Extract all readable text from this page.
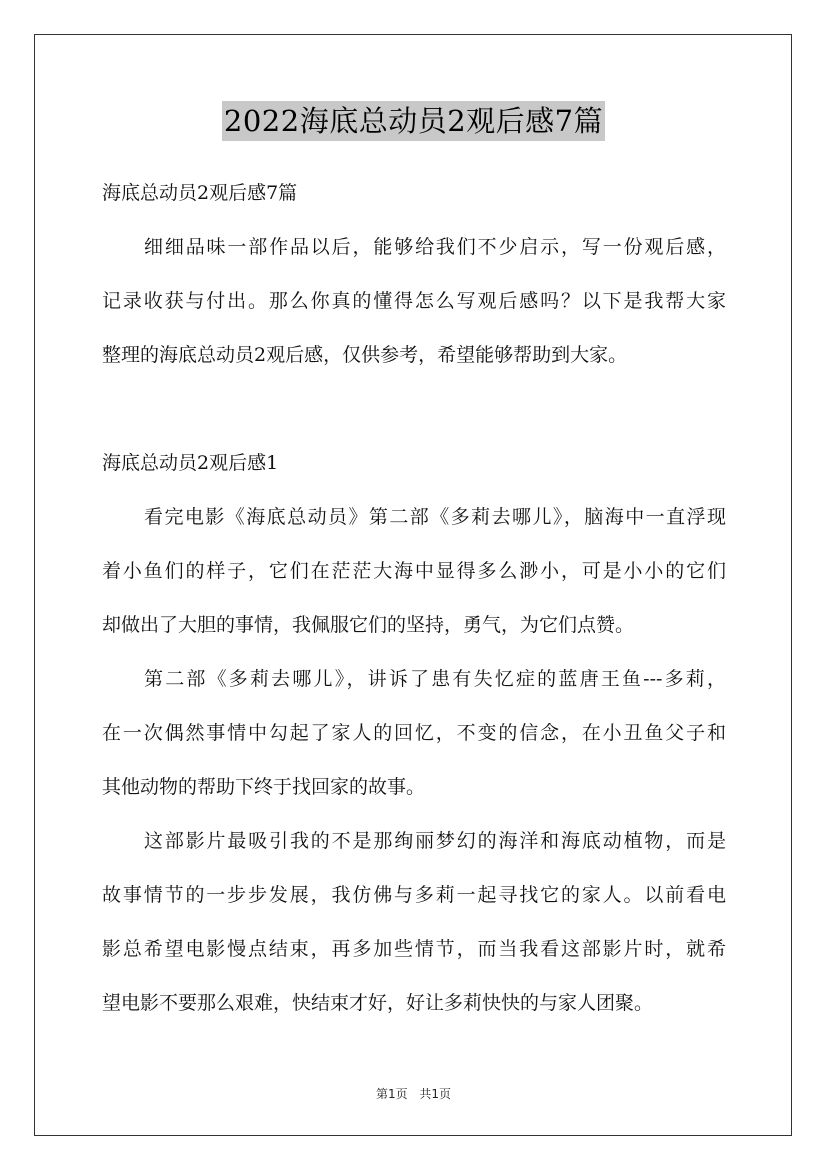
2022海底总动员2观后感7篇
海底总动员2观后感7篇
细细品味一部作品以后，能够给我们不少启示，写一份观后感，
记录收获与付出。那么你真的懂得怎么写观后感吗？以下是我帮大家
整理的海底总动员2观后感，仅供参考，希望能够帮助到大家。
海底总动员2观后感1
看完电影《海底总动员》第二部《多莉去哪儿》，脑海中一直浮现
着小鱼们的样子，它们在茫茫大海中显得多么渺小，可是小小的它们
却做出了大胆的事情，我佩服它们的坚持，勇气，为它们点赞。
第二部《多莉去哪儿》，讲诉了患有失忆症的蓝唐王鱼---多莉，
在一次偶然事情中勾起了家人的回忆，不变的信念，在小丑鱼父子和
其他动物的帮助下终于找回家的故事。
这部影片最吸引我的不是那绚丽梦幻的海洋和海底动植物，而是
故事情节的一步步发展，我仿佛与多莉一起寻找它的家人。以前看电
影总希望电影慢点结束，再多加些情节，而当我看这部影片时，就希
望电影不要那么艰难，快结束才好，好让多莉快快的与家人团聚。
第1页 共1页
